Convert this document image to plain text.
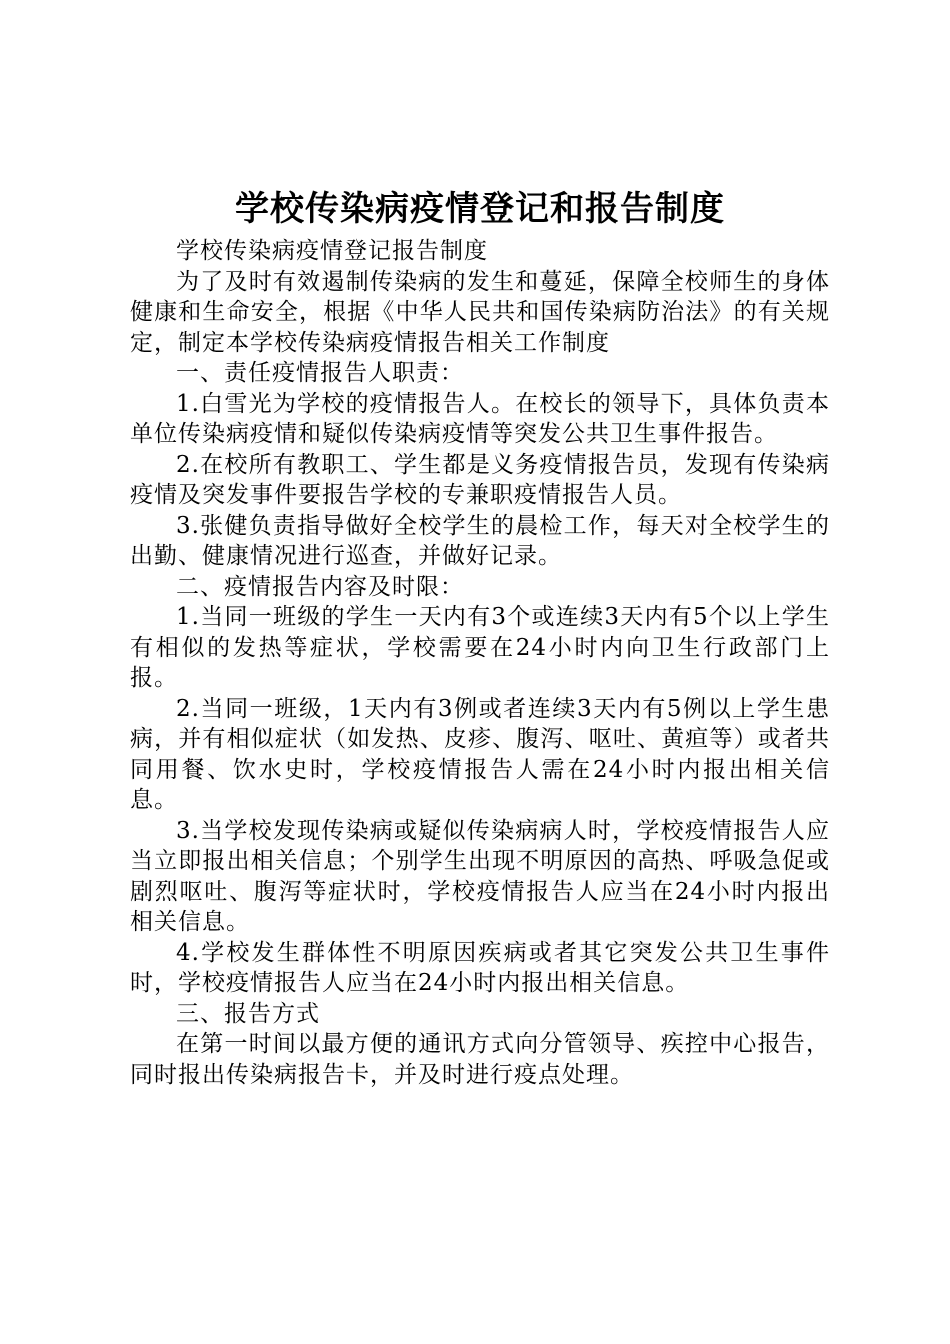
学校传染病疫情登记和报告制度

学校传染病疫情登记报告制度

为了及时有效遏制传染病的发生和蔓延，保障全校师生的身体健康和生命安全，根据《中华人民共和国传染病防治法》的有关规定，制定本学校传染病疫情报告相关工作制度

一、责任疫情报告人职责：

1.白雪光为学校的疫情报告人。在校长的领导下，具体负责本单位传染病疫情和疑似传染病疫情等突发公共卫生事件报告。

2.在校所有教职工、学生都是义务疫情报告员，发现有传染病疫情及突发事件要报告学校的专兼职疫情报告人员。

3.张健负责指导做好全校学生的晨检工作，每天对全校学生的出勤、健康情况进行巡查，并做好记录。

二、疫情报告内容及时限：

1.当同一班级的学生一天内有3个或连续3天内有5个以上学生有相似的发热等症状，学校需要在24小时内向卫生行政部门上报。

2.当同一班级，1天内有3例或者连续3天内有5例以上学生患病，并有相似症状（如发热、皮疹、腹泻、呕吐、黄疸等）或者共同用餐、饮水史时，学校疫情报告人需在24小时内报出相关信息。

3.当学校发现传染病或疑似传染病病人时，学校疫情报告人应当立即报出相关信息；个别学生出现不明原因的高热、呼吸急促或剧烈呕吐、腹泻等症状时，学校疫情报告人应当在24小时内报出相关信息。

4.学校发生群体性不明原因疾病或者其它突发公共卫生事件时，学校疫情报告人应当在24小时内报出相关信息。

三、报告方式

在第一时间以最方便的通讯方式向分管领导、疾控中心报告，同时报出传染病报告卡，并及时进行疫点处理。
